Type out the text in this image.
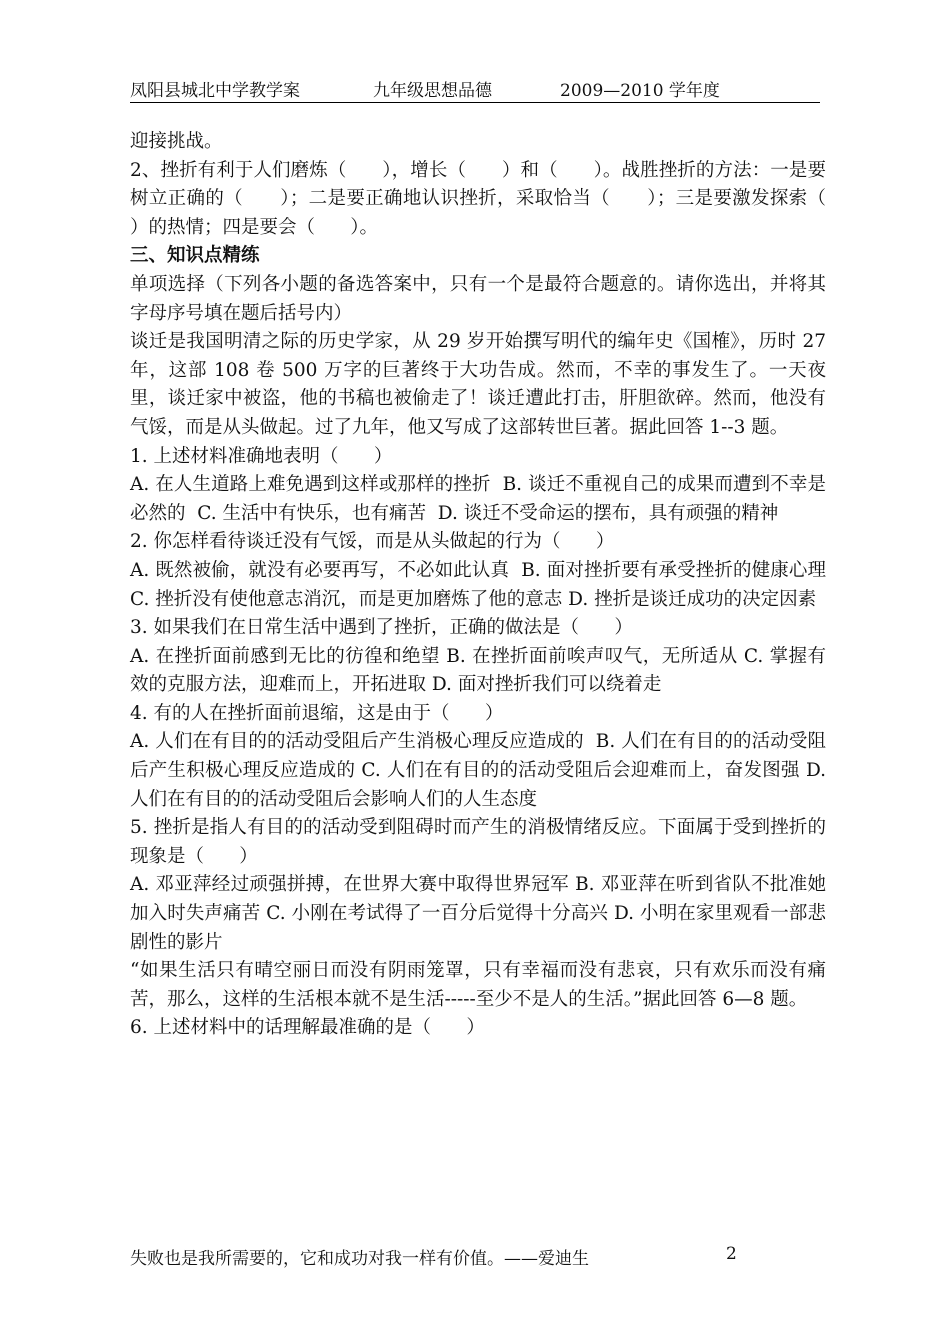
凤阳县城北中学教学案	九年级思想品德	2009—2010 学年度

迎接挑战。

2、挫折有利于人们磨炼（      ），增长（      ）和（      ）。战胜挫折的方法：一是要树立正确的（      ）；二是要正确地认识挫折，采取恰当（      ）；三是要激发探索（      ）的热情；四是要会（      ）。

三、知识点精练

单项选择（下列各小题的备选答案中，只有一个是最符合题意的。请你选出，并将其字母序号填在题后括号内）

谈迁是我国明清之际的历史学家，从 29 岁开始撰写明代的编年史《国榷》，历时 27 年，这部 108 卷 500 万字的巨著终于大功告成。然而，不幸的事发生了。一天夜里，谈迁家中被盗，他的书稿也被偷走了！谈迁遭此打击，肝胆欲碎。然而，他没有气馁，而是从头做起。过了九年，他又写成了这部转世巨著。据此回答 1--3 题。

1. 上述材料准确地表明（      ）

A. 在人生道路上难免遇到这样或那样的挫折  B. 谈迁不重视自己的成果而遭到不幸是必然的  C. 生活中有快乐，也有痛苦  D. 谈迁不受命运的摆布，具有顽强的精神

2. 你怎样看待谈迁没有气馁，而是从头做起的行为（      ）

A. 既然被偷，就没有必要再写，不必如此认真  B. 面对挫折要有承受挫折的健康心理  C. 挫折没有使他意志消沉，而是更加磨炼了他的意志 D. 挫折是谈迁成功的决定因素

3. 如果我们在日常生活中遇到了挫折，正确的做法是（      ）

A. 在挫折面前感到无比的彷徨和绝望 B. 在挫折面前唉声叹气，无所适从 C. 掌握有效的克服方法，迎难而上，开拓进取 D. 面对挫折我们可以绕着走

4. 有的人在挫折面前退缩，这是由于（      ）

A. 人们在有目的的活动受阻后产生消极心理反应造成的  B. 人们在有目的的活动受阻后产生积极心理反应造成的 C. 人们在有目的的活动受阻后会迎难而上，奋发图强 D. 人们在有目的的活动受阻后会影响人们的人生态度

5. 挫折是指人有目的的活动受到阻碍时而产生的消极情绪反应。下面属于受到挫折的现象是（      ）

A. 邓亚萍经过顽强拼搏，在世界大赛中取得世界冠军 B. 邓亚萍在听到省队不批准她加入时失声痛苦 C. 小刚在考试得了一百分后觉得十分高兴 D. 小明在家里观看一部悲剧性的影片

“如果生活只有晴空丽日而没有阴雨笼罩，只有幸福而没有悲哀，只有欢乐而没有痛苦，那么，这样的生活根本就不是生活-----至少不是人的生活。”据此回答 6—8 题。

6. 上述材料中的话理解最准确的是（      ）

失败也是我所需要的，它和成功对我一样有价值。——爱迪生	2
